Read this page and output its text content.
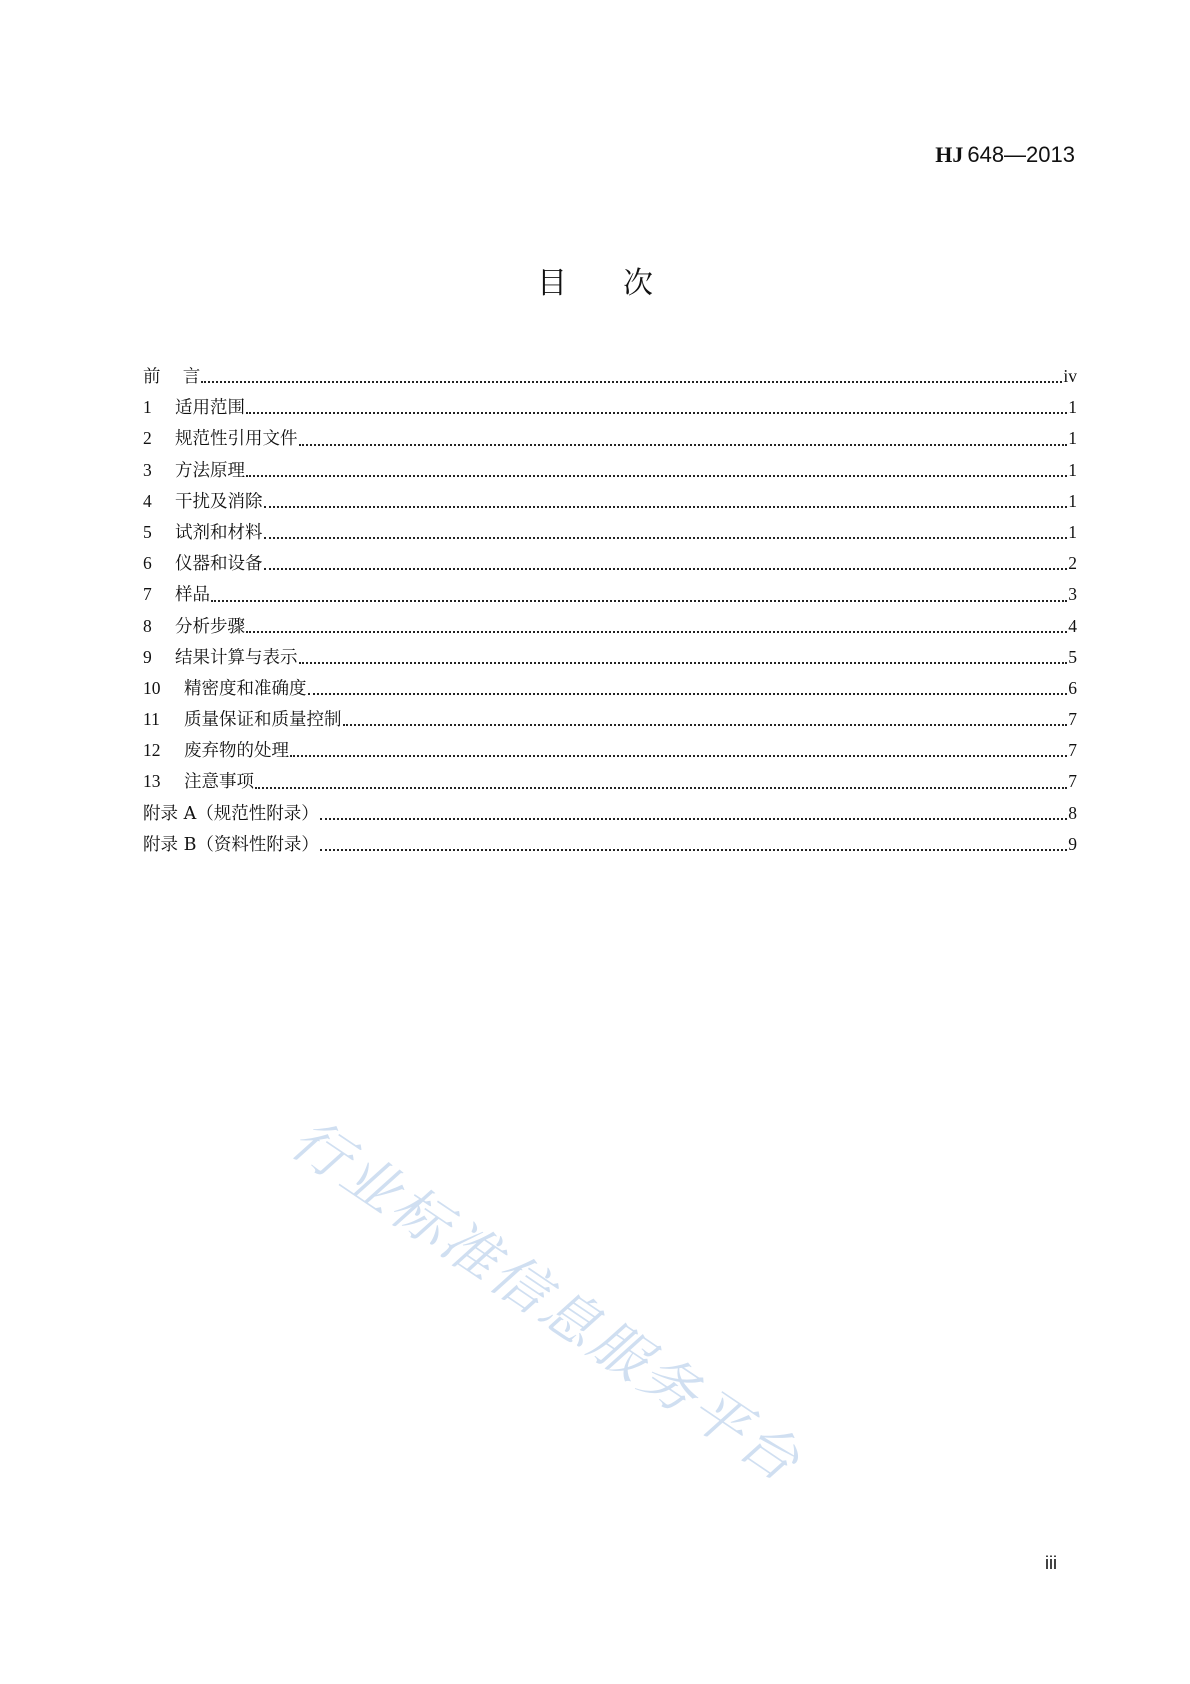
HJ 648—2013
目次
前    言	iv
1	适用范围	1
2	规范性引用文件	1
3	方法原理	1
4	干扰及消除	1
5	试剂和材料	1
6	仪器和设备	2
7	样品	3
8	分析步骤	4
9	结果计算与表示	5
10	精密度和准确度	6
11	质量保证和质量控制	7
12	废弃物的处理	7
13	注意事项	7
附录 A（规范性附录）	8
附录 B（资料性附录）	9
行业标准信息服务平台
iii
